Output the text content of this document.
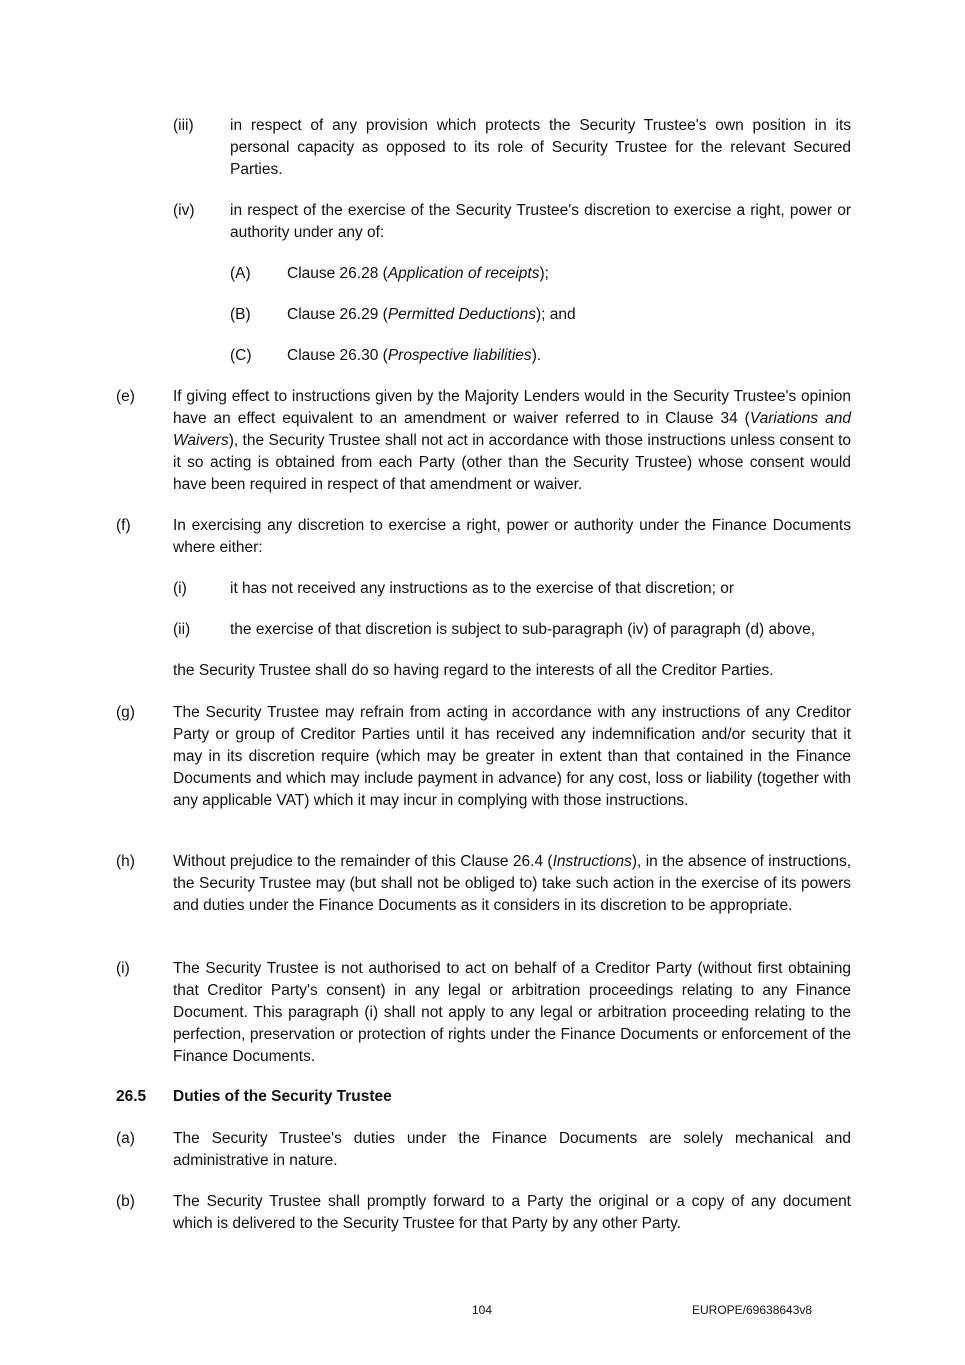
(iii) in respect of any provision which protects the Security Trustee's own position in its personal capacity as opposed to its role of Security Trustee for the relevant Secured Parties.
(iv) in respect of the exercise of the Security Trustee's discretion to exercise a right, power or authority under any of:
(A) Clause 26.28 (Application of receipts);
(B) Clause 26.29 (Permitted Deductions); and
(C) Clause 26.30 (Prospective liabilities).
(e) If giving effect to instructions given by the Majority Lenders would in the Security Trustee's opinion have an effect equivalent to an amendment or waiver referred to in Clause 34 (Variations and Waivers), the Security Trustee shall not act in accordance with those instructions unless consent to it so acting is obtained from each Party (other than the Security Trustee) whose consent would have been required in respect of that amendment or waiver.
(f)	In exercising any discretion to exercise a right, power or authority under the Finance Documents where either:
(i)	it has not received any instructions as to the exercise of that discretion; or
(ii)	the exercise of that discretion is subject to sub-paragraph (iv) of paragraph (d) above,
the Security Trustee shall do so having regard to the interests of all the Creditor Parties.
(g) The Security Trustee may refrain from acting in accordance with any instructions of any Creditor Party or group of Creditor Parties until it has received any indemnification and/or security that it may in its discretion require (which may be greater in extent than that contained in the Finance Documents and which may include payment in advance) for any cost, loss or liability (together with any applicable VAT) which it may incur in complying with those instructions.
(h) Without prejudice to the remainder of this Clause 26.4 (Instructions), in the absence of instructions, the Security Trustee may (but shall not be obliged to) take such action in the exercise of its powers and duties under the Finance Documents as it considers in its discretion to be appropriate.
(i)	The Security Trustee is not authorised to act on behalf of a Creditor Party (without first obtaining that Creditor Party's consent) in any legal or arbitration proceedings relating to any Finance Document. This paragraph (i) shall not apply to any legal or arbitration proceeding relating to the perfection, preservation or protection of rights under the Finance Documents or enforcement of the Finance Documents.
26.5 Duties of the Security Trustee
(a) The Security Trustee's duties under the Finance Documents are solely mechanical and administrative in nature.
(b) The Security Trustee shall promptly forward to a Party the original or a copy of any document which is delivered to the Security Trustee for that Party by any other Party.
104	EUROPE/69638643v8
